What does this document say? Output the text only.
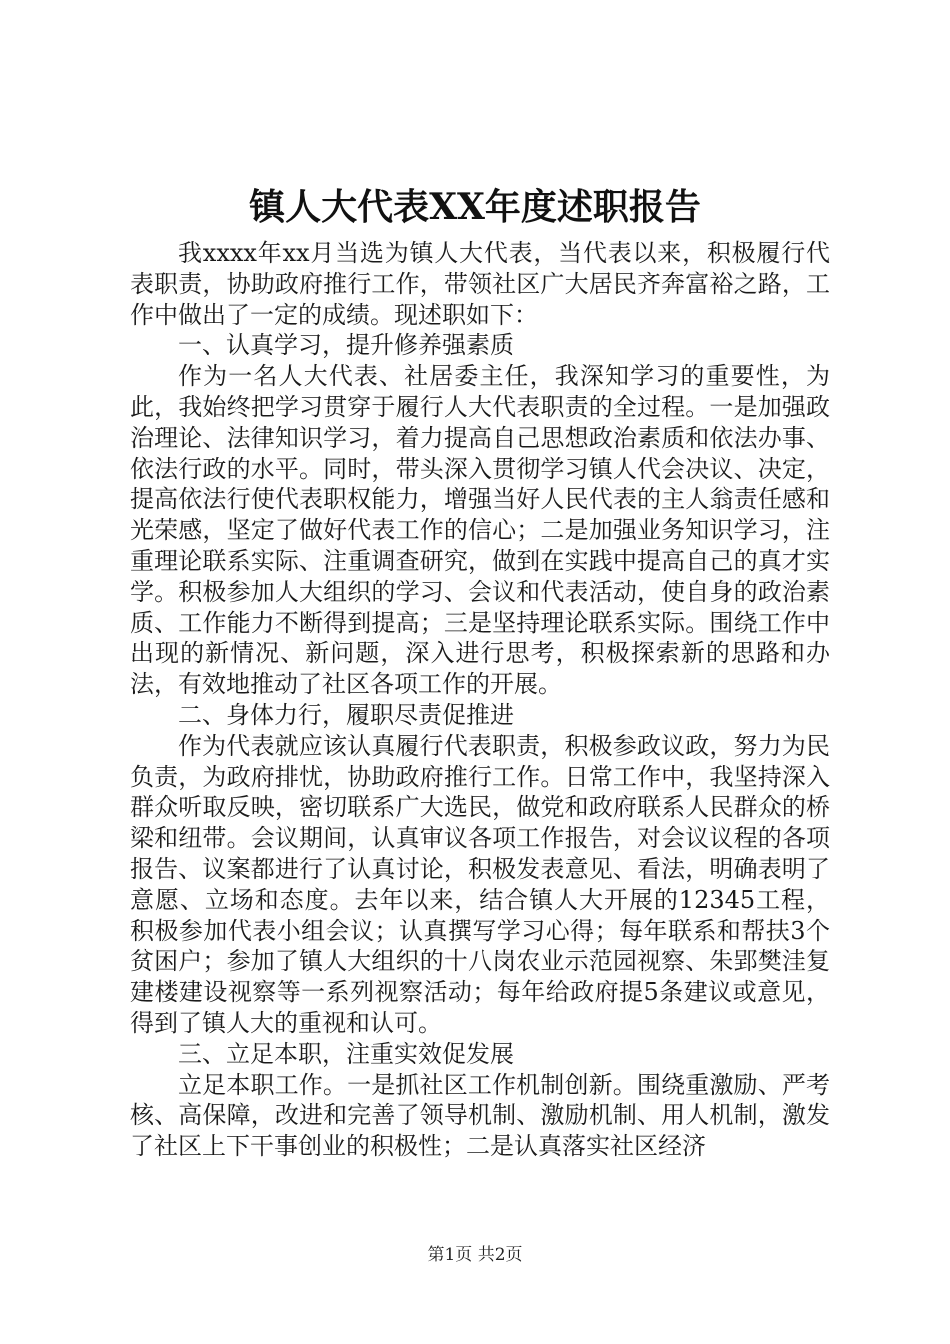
镇人大代表XX年度述职报告

我xxxx年xx月当选为镇人大代表，当代表以来，积极履行代表职责，协助政府推行工作，带领社区广大居民齐奔富裕之路，工作中做出了一定的成绩。现述职如下：

一、认真学习，提升修养强素质

作为一名人大代表、社居委主任，我深知学习的重要性，为此，我始终把学习贯穿于履行人大代表职责的全过程。一是加强政治理论、法律知识学习，着力提高自己思想政治素质和依法办事、依法行政的水平。同时，带头深入贯彻学习镇人代会决议、决定，提高依法行使代表职权能力，增强当好人民代表的主人翁责任感和光荣感，坚定了做好代表工作的信心；二是加强业务知识学习，注重理论联系实际、注重调查研究，做到在实践中提高自己的真才实学。积极参加人大组织的学习、会议和代表活动，使自身的政治素质、工作能力不断得到提高；三是坚持理论联系实际。围绕工作中出现的新情况、新问题，深入进行思考，积极探索新的思路和办法，有效地推动了社区各项工作的开展。

二、身体力行，履职尽责促推进

作为代表就应该认真履行代表职责，积极参政议政，努力为民负责，为政府排忧，协助政府推行工作。日常工作中，我坚持深入群众听取反映，密切联系广大选民，做党和政府联系人民群众的桥梁和纽带。会议期间，认真审议各项工作报告，对会议议程的各项报告、议案都进行了认真讨论，积极发表意见、看法，明确表明了意愿、立场和态度。去年以来，结合镇人大开展的12345工程，积极参加代表小组会议；认真撰写学习心得；每年联系和帮扶3个贫困户；参加了镇人大组织的十八岗农业示范园视察、朱郢樊洼复建楼建设视察等一系列视察活动；每年给政府提5条建议或意见，得到了镇人大的重视和认可。

三、立足本职，注重实效促发展

立足本职工作。一是抓社区工作机制创新。围绕重激励、严考核、高保障，改进和完善了领导机制、激励机制、用人机制，激发了社区上下干事创业的积极性；二是认真落实社区经济

第1页 共2页
